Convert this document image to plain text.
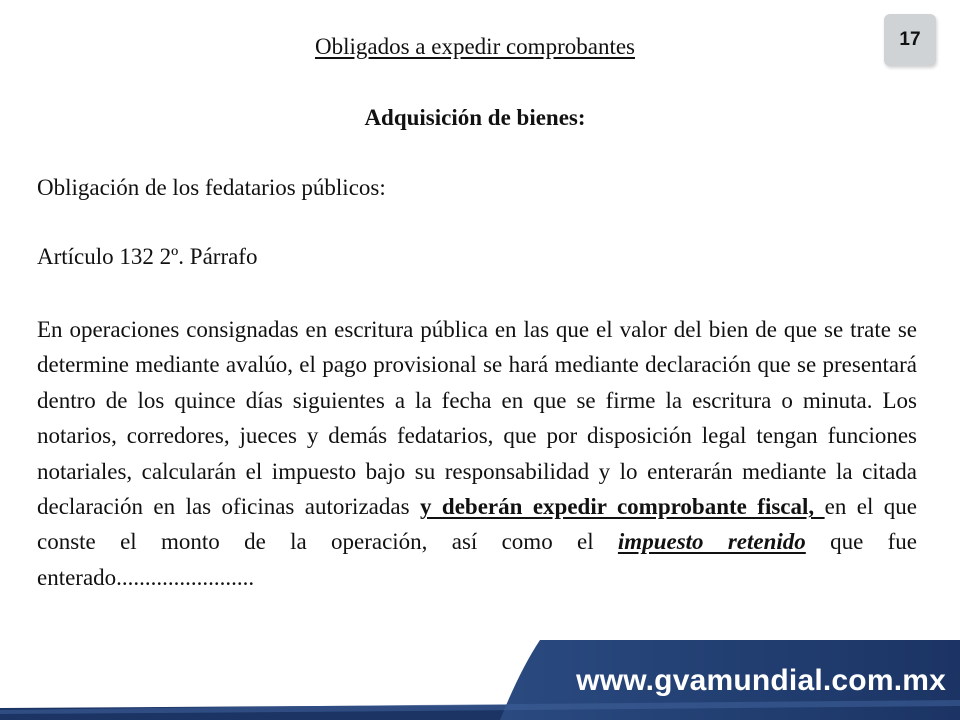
17
Obligados a expedir comprobantes
Adquisición de bienes:
Obligación de los fedatarios públicos:
Artículo 132 2º. Párrafo

En operaciones consignadas en escritura pública en las que el valor del bien de que se trate se determine mediante avalúo, el pago provisional se hará mediante declaración que se presentará dentro de los quince días siguientes a la fecha en que se firme la escritura o minuta. Los notarios, corredores, jueces y demás fedatarios, que por disposición legal tengan funciones notariales, calcularán el impuesto bajo su responsabilidad y lo enterarán mediante la citada declaración en las oficinas autorizadas y deberán expedir comprobante fiscal, en el que conste el monto de la operación, así como el impuesto retenido que fue enterado........................

www.gvamundial.com.mx
